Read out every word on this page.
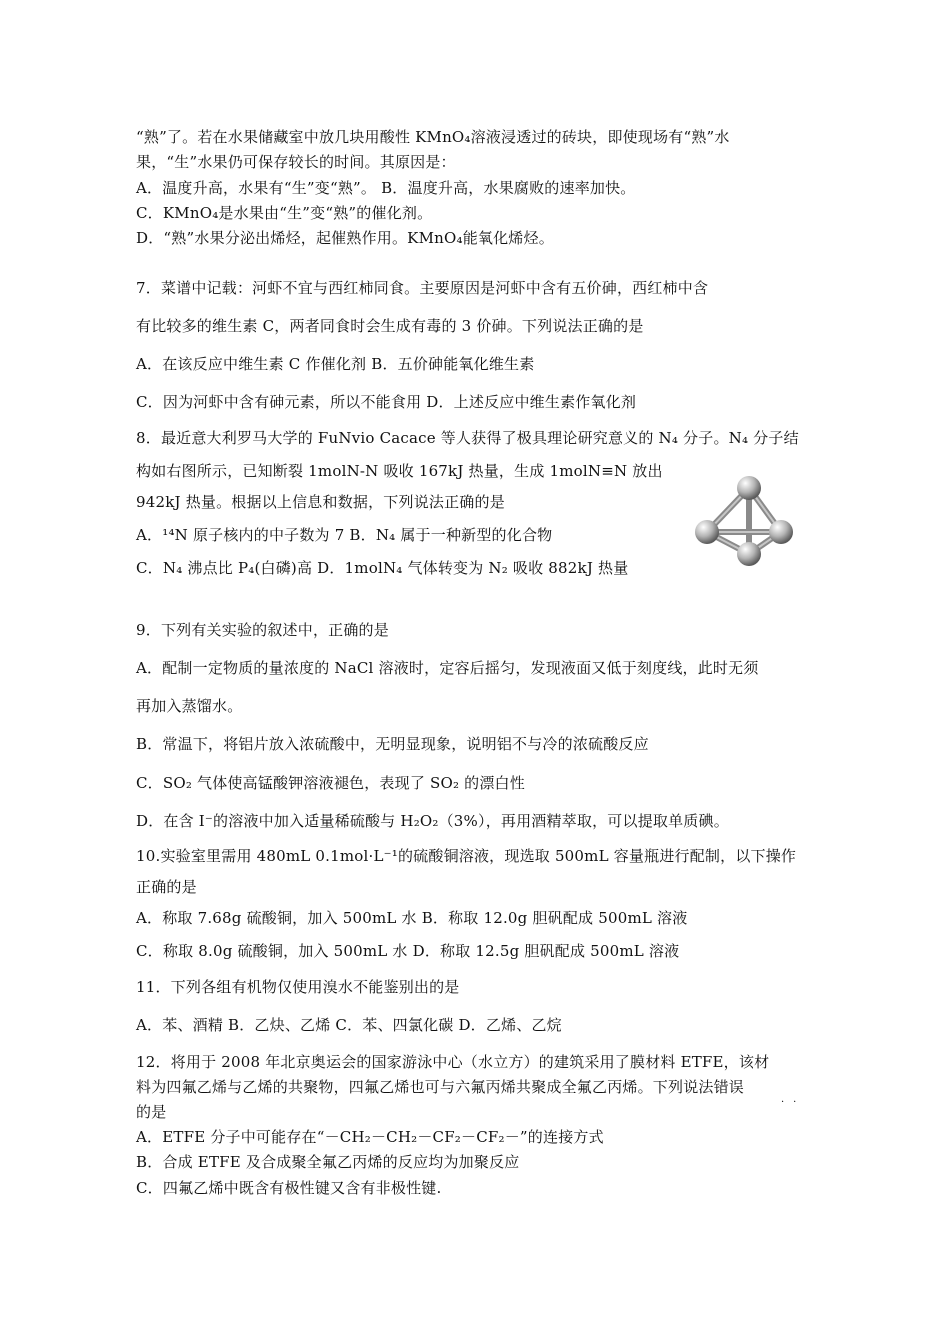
“熟”了。若在水果储藏室中放几块用酸性 KMnO₄溶液浸透过的砖块，即使现场有“熟”水
果，“生”水果仍可保存较长的时间。其原因是：
A．温度升高，水果有“生”变“熟”。 B．温度升高，水果腐败的速率加快。
C．KMnO₄是水果由“生”变“熟”的催化剂。
D．“熟”水果分泌出烯烃，起催熟作用。KMnO₄能氧化烯烃。
7．菜谱中记载：河虾不宜与西红柿同食。主要原因是河虾中含有五价砷，西红柿中含
有比较多的维生素 C，两者同食时会生成有毒的 3 价砷。下列说法正确的是
A．在该反应中维生素 C 作催化剂 B．五价砷能氧化维生素
C．因为河虾中含有砷元素，所以不能食用 D．上述反应中维生素作氧化剂
8．最近意大利罗马大学的 FuNvio Cacace 等人获得了极具理论研究意义的 N₄ 分子。N₄ 分子结
构如右图所示，已知断裂 1molN-N 吸收 167kJ 热量，生成 1molN≡N 放出
942kJ 热量。根据以上信息和数据，下列说法正确的是
A．¹⁴N 原子核内的中子数为 7 B．N₄ 属于一种新型的化合物
C．N₄ 沸点比 P₄(白磷)高 D．1molN₄ 气体转变为 N₂ 吸收 882kJ 热量
9．下列有关实验的叙述中，正确的是
A．配制一定物质的量浓度的 NaCl 溶液时，定容后摇匀，发现液面又低于刻度线，此时无须
再加入蒸馏水。
B．常温下，将铝片放入浓硫酸中，无明显现象，说明铝不与冷的浓硫酸反应
C．SO₂ 气体使高锰酸钾溶液褪色，表现了 SO₂ 的漂白性
D．在含 I⁻的溶液中加入适量稀硫酸与 H₂O₂（3%），再用酒精萃取，可以提取单质碘。
10.实验室里需用 480mL 0.1mol·L⁻¹的硫酸铜溶液，现选取 500mL 容量瓶进行配制，以下操作
正确的是
A．称取 7.68g 硫酸铜，加入 500mL 水 B．称取 12.0g 胆矾配成 500mL 溶液
C．称取 8.0g 硫酸铜，加入 500mL 水 D．称取 12.5g 胆矾配成 500mL 溶液
11．下列各组有机物仅使用溴水不能鉴别出的是
A．苯、酒精 B．乙炔、乙烯 C．苯、四氯化碳 D．乙烯、乙烷
12．将用于 2008 年北京奥运会的国家游泳中心（水立方）的建筑采用了膜材料 ETFE，该材
料为四氟乙烯与乙烯的共聚物，四氟乙烯也可与六氟丙烯共聚成全氟乙丙烯。下列说法错误
的是
A．ETFE 分子中可能存在“－CH₂－CH₂－CF₂－CF₂－”的连接方式
B．合成 ETFE 及合成聚全氟乙丙烯的反应均为加聚反应
C．四氟乙烯中既含有极性键又含有非极性键.
··
